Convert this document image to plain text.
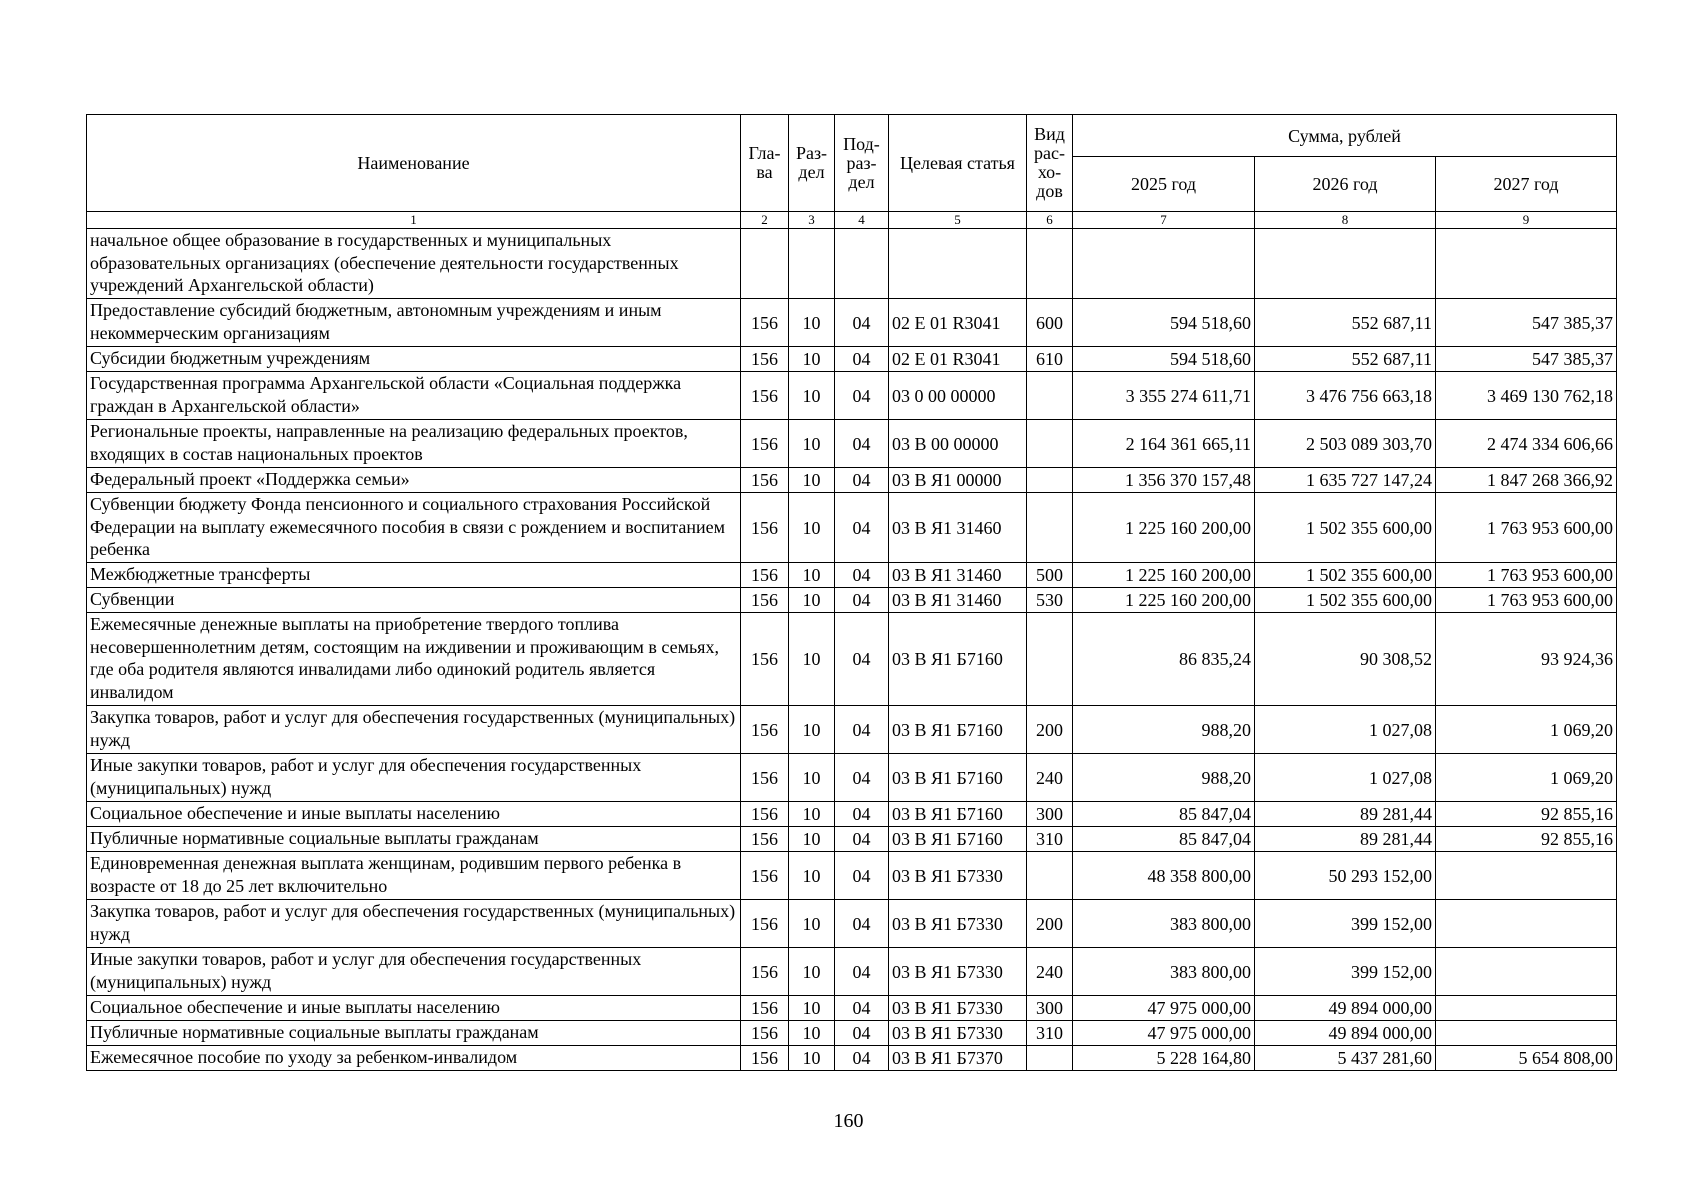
Наименование	Гла-ва	Раз-дел	Под-раз-дел	Целевая статья	Вид рас-хо-дов	Сумма, рублей		
						2025 год	2026 год	2027 год
1	2	3	4	5	6	7	8	9
начальное общее образование в государственных и муниципальных образовательных организациях (обеспечение деятельности государственных учреждений Архангельской области)								
Предоставление субсидий бюджетным, автономным учреждениям и иным некоммерческим организациям	156	10	04	02 Е 01 R3041	600	594 518,60	552 687,11	547 385,37
Субсидии бюджетным учреждениям	156	10	04	02 Е 01 R3041	610	594 518,60	552 687,11	547 385,37
Государственная программа Архангельской области «Социальная поддержка граждан в Архангельской области»	156	10	04	03 0 00 00000		3 355 274 611,71	3 476 756 663,18	3 469 130 762,18
Региональные проекты, направленные на реализацию федеральных проектов, входящих в состав национальных проектов	156	10	04	03 В 00 00000		2 164 361 665,11	2 503 089 303,70	2 474 334 606,66
Федеральный проект «Поддержка семьи»	156	10	04	03 В Я1 00000		1 356 370 157,48	1 635 727 147,24	1 847 268 366,92
Субвенции бюджету Фонда пенсионного и социального страхования Российской Федерации на выплату ежемесячного пособия в связи с рождением и воспитанием ребенка	156	10	04	03 В Я1 31460		1 225 160 200,00	1 502 355 600,00	1 763 953 600,00
Межбюджетные трансферты	156	10	04	03 В Я1 31460	500	1 225 160 200,00	1 502 355 600,00	1 763 953 600,00
Субвенции	156	10	04	03 В Я1 31460	530	1 225 160 200,00	1 502 355 600,00	1 763 953 600,00
Ежемесячные денежные выплаты на приобретение твердого топлива несовершеннолетним детям, состоящим на иждивении и проживающим в семьях, где оба родителя являются инвалидами либо одинокий родитель является инвалидом	156	10	04	03 В Я1 Б7160		86 835,24	90 308,52	93 924,36
Закупка товаров, работ и услуг для обеспечения государственных (муниципальных) нужд	156	10	04	03 В Я1 Б7160	200	988,20	1 027,08	1 069,20
Иные закупки товаров, работ и услуг для обеспечения государственных (муниципальных) нужд	156	10	04	03 В Я1 Б7160	240	988,20	1 027,08	1 069,20
Социальное обеспечение и иные выплаты населению	156	10	04	03 В Я1 Б7160	300	85 847,04	89 281,44	92 855,16
Публичные нормативные социальные выплаты гражданам	156	10	04	03 В Я1 Б7160	310	85 847,04	89 281,44	92 855,16
Единовременная денежная выплата женщинам, родившим первого ребенка в возрасте от 18 до 25 лет включительно	156	10	04	03 В Я1 Б7330		48 358 800,00	50 293 152,00	
Закупка товаров, работ и услуг для обеспечения государственных (муниципальных) нужд	156	10	04	03 В Я1 Б7330	200	383 800,00	399 152,00	
Иные закупки товаров, работ и услуг для обеспечения государственных (муниципальных) нужд	156	10	04	03 В Я1 Б7330	240	383 800,00	399 152,00	
Социальное обеспечение и иные выплаты населению	156	10	04	03 В Я1 Б7330	300	47 975 000,00	49 894 000,00	
Публичные нормативные социальные выплаты гражданам	156	10	04	03 В Я1 Б7330	310	47 975 000,00	49 894 000,00	
Ежемесячное пособие по уходу за ребенком-инвалидом	156	10	04	03 В Я1 Б7370		5 228 164,80	5 437 281,60	5 654 808,00
160
